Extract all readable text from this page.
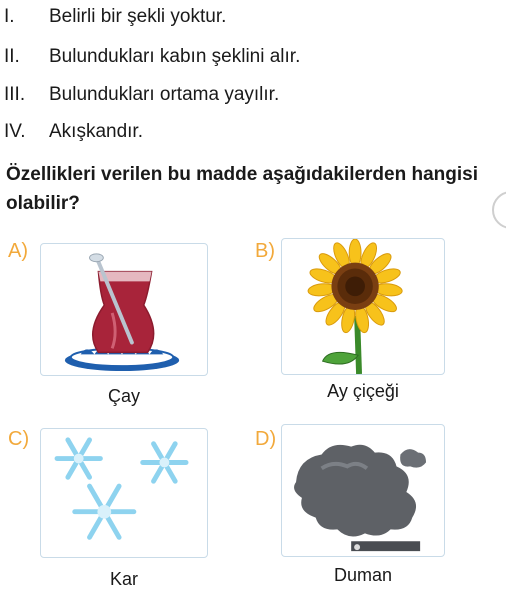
I. Belirli bir şekli yoktur.
II. Bulundukları kabın şeklini alır.
III. Bulundukları ortama yayılır.
IV. Akışkandır.
Özellikleri verilen bu madde aşağıdakilerden hangisi olabilir?
A)
Çay
B)
Ay çiçeği
C)
Kar
D)
Duman
